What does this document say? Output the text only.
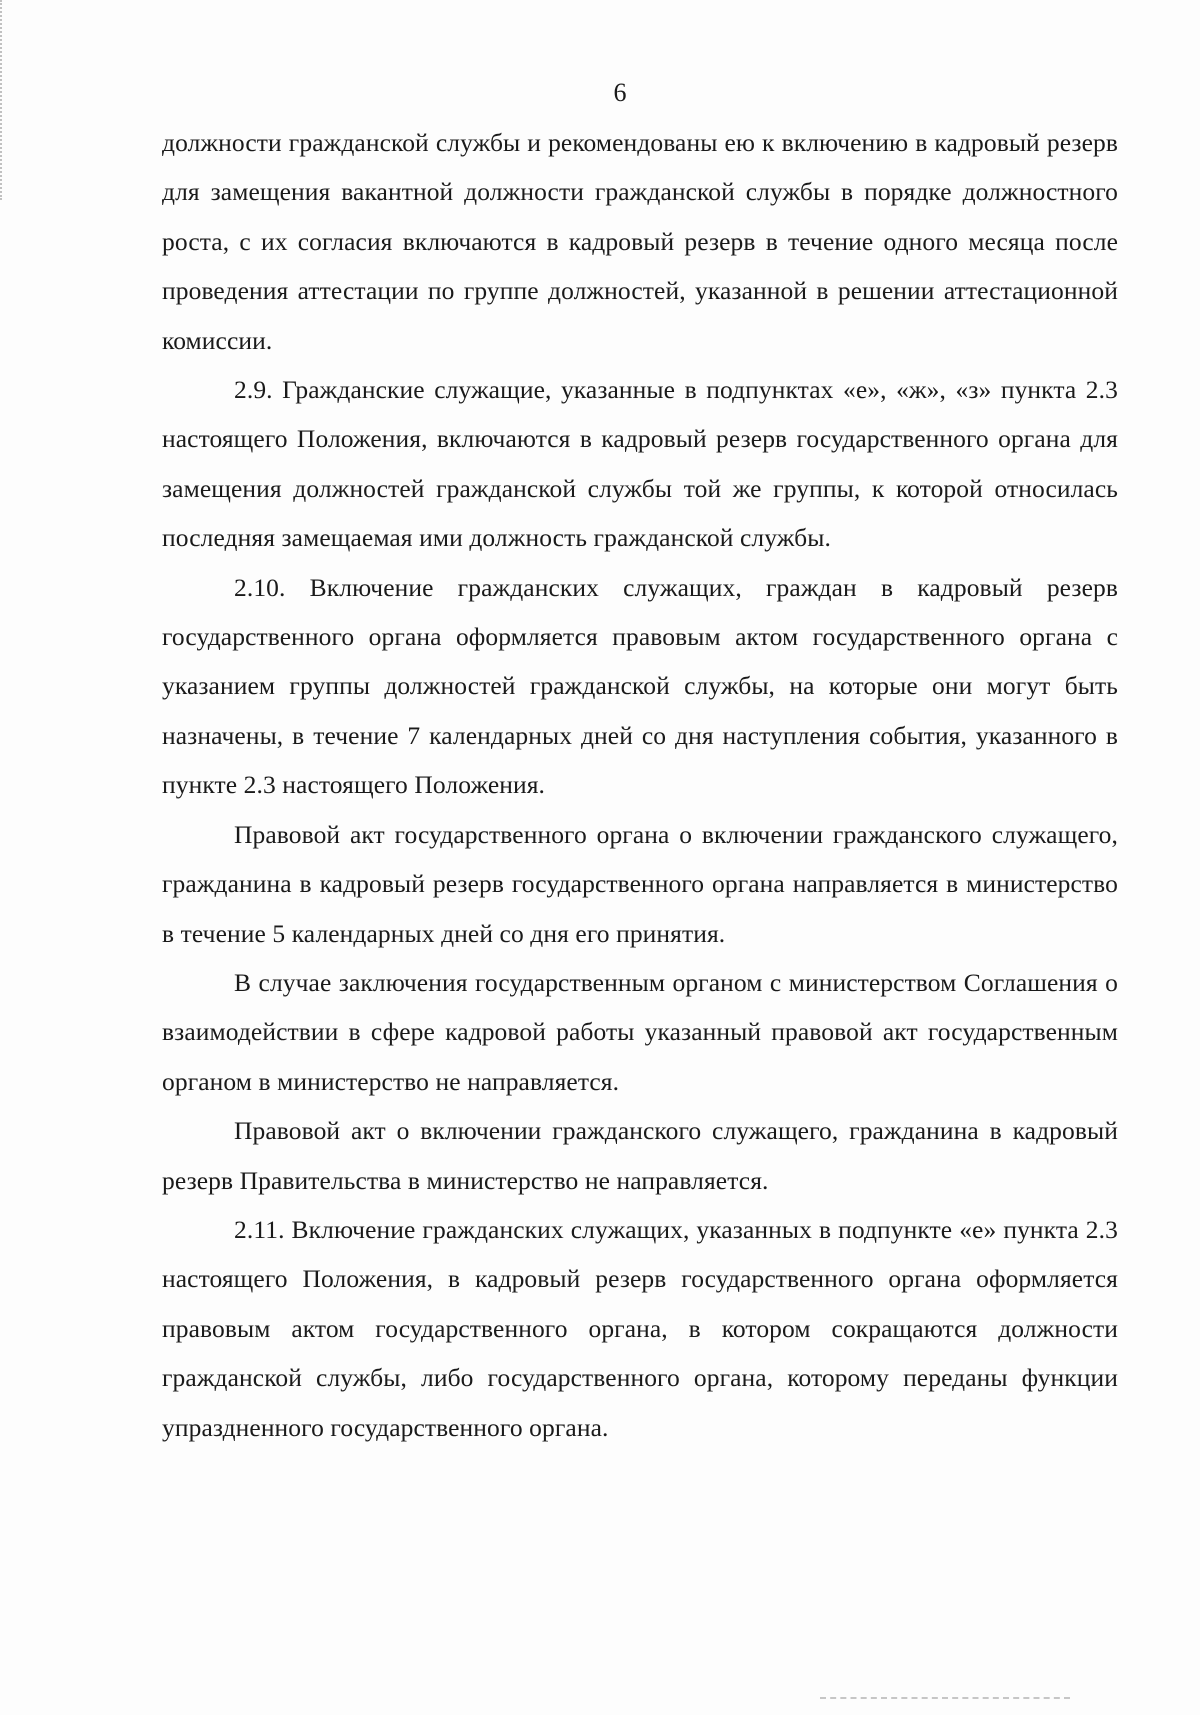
6

должности гражданской службы и рекомендованы ею к включению в кадровый резерв для замещения вакантной должности гражданской службы в порядке должностного роста, с их согласия включаются в кадровый резерв в течение одного месяца после проведения аттестации по группе должностей, указанной в решении аттестационной комиссии.

2.9. Гражданские служащие, указанные в подпунктах «е», «ж», «з» пункта 2.3 настоящего Положения, включаются в кадровый резерв государственного органа для замещения должностей гражданской службы той же группы, к которой относилась последняя замещаемая ими должность гражданской службы.

2.10. Включение гражданских служащих, граждан в кадровый резерв государственного органа оформляется правовым актом государственного органа с указанием группы должностей гражданской службы, на которые они могут быть назначены, в течение 7 календарных дней со дня наступления события, указанного в пункте 2.3 настоящего Положения.

Правовой акт государственного органа о включении гражданского служащего, гражданина в кадровый резерв государственного органа направляется в министерство в течение 5 календарных дней со дня его принятия.

В случае заключения государственным органом с министерством Соглашения о взаимодействии в сфере кадровой работы указанный правовой акт государственным органом в министерство не направляется.

Правовой акт о включении гражданского служащего, гражданина в кадровый резерв Правительства в министерство не направляется.

2.11. Включение гражданских служащих, указанных в подпункте «е» пункта 2.3 настоящего Положения, в кадровый резерв государственного органа оформляется правовым актом государственного органа, в котором сокращаются должности гражданской службы, либо государственного органа, которому переданы функции упраздненного государственного органа.
